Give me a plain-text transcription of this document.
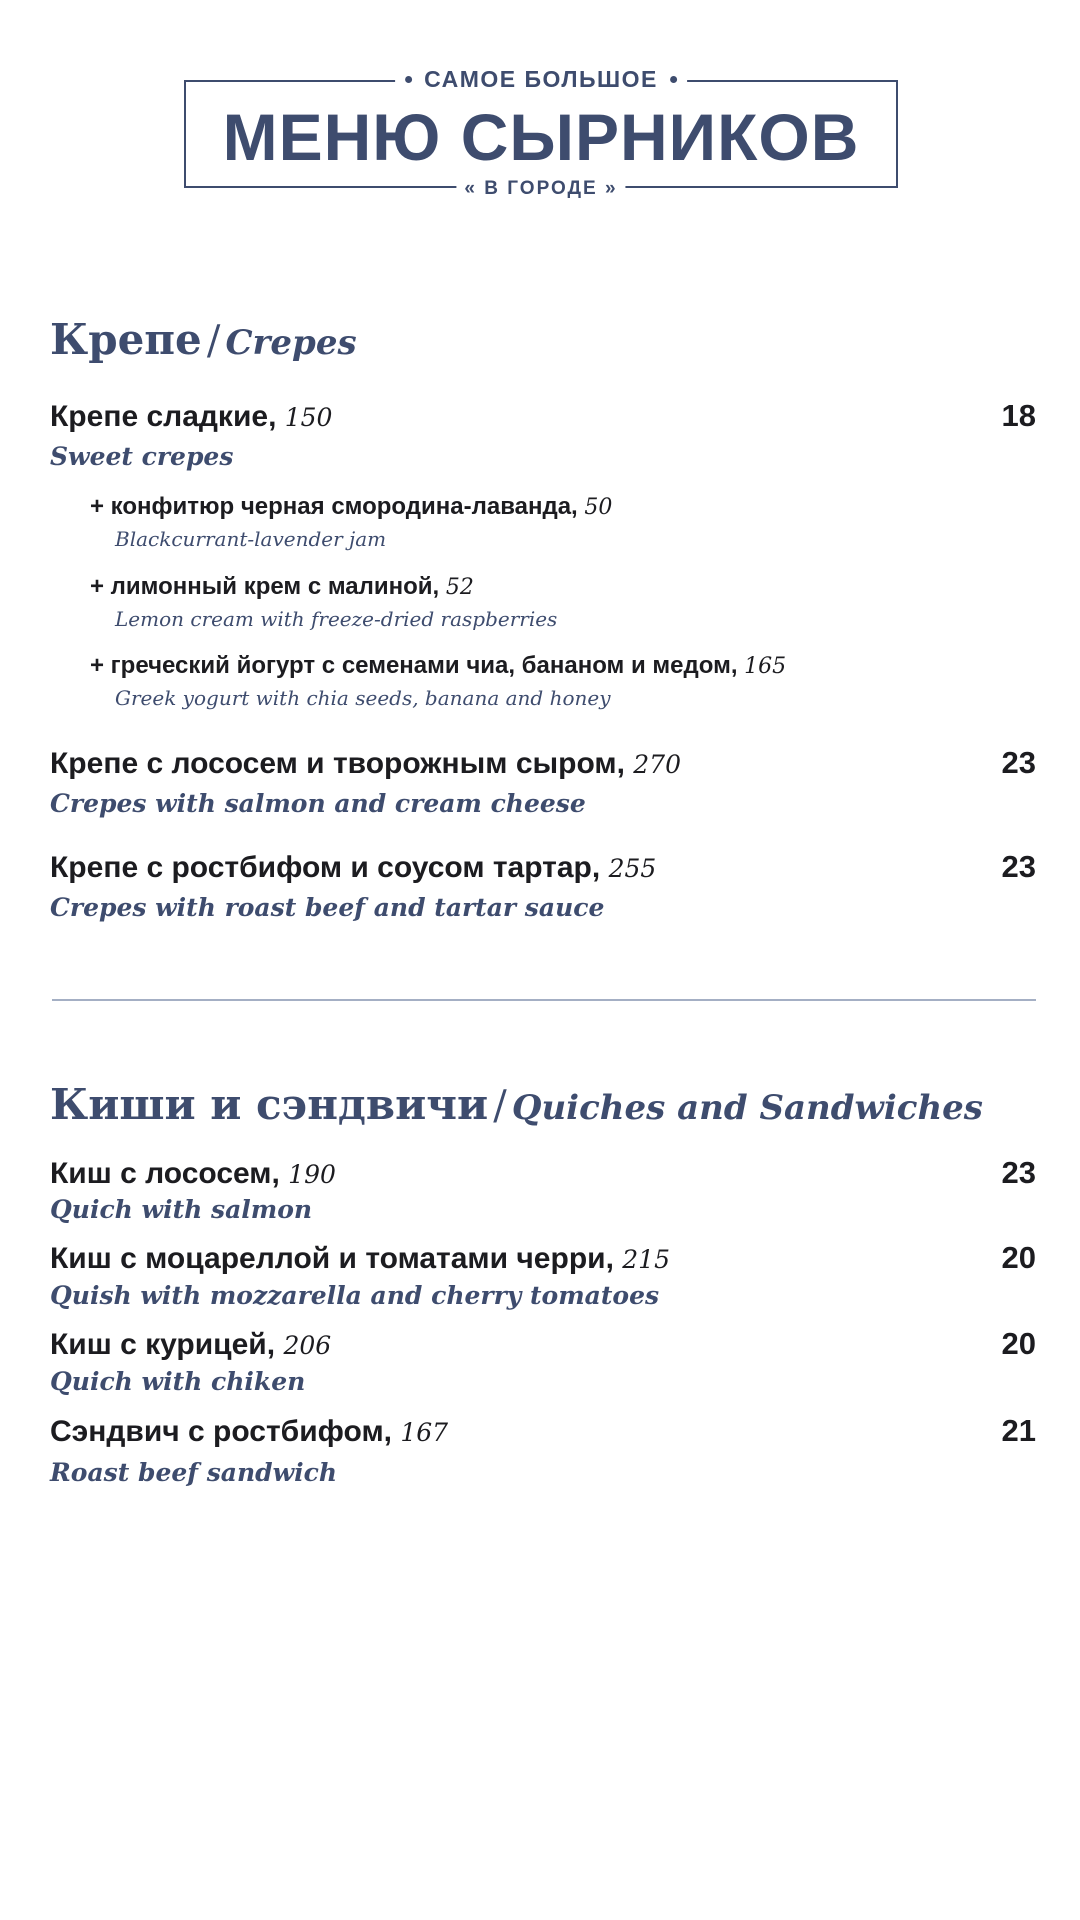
САМОЕ БОЛЬШОЕ
МЕНЮ СЫРНИКОВ
« В ГОРОДЕ »
Крепе / Crepes
Крепе сладкие, 150	18
Sweet crepes
+ конфитюр черная смородина-лаванда, 50
Blackcurrant-lavender jam
+ лимонный крем с малиной, 52
Lemon cream with freeze-dried raspberries
+ греческий йогурт с семенами чиа, бананом и медом, 165
Greek yogurt with chia seeds, banana and honey
Крепе с лососем и творожным сыром, 270	23
Crepes with salmon and cream cheese
Крепе с ростбифом и соусом тартар, 255	23
Crepes with roast beef and tartar sauce
Киши и сэндвичи / Quiches and Sandwiches
Киш с лососем, 190	23
Quich with salmon
Киш с моцареллой и томатами черри, 215	20
Quish with mozzarella and cherry tomatoes
Киш с курицей, 206	20
Quich with chiken
Сэндвич с ростбифом, 167	21
Roast beef sandwich
